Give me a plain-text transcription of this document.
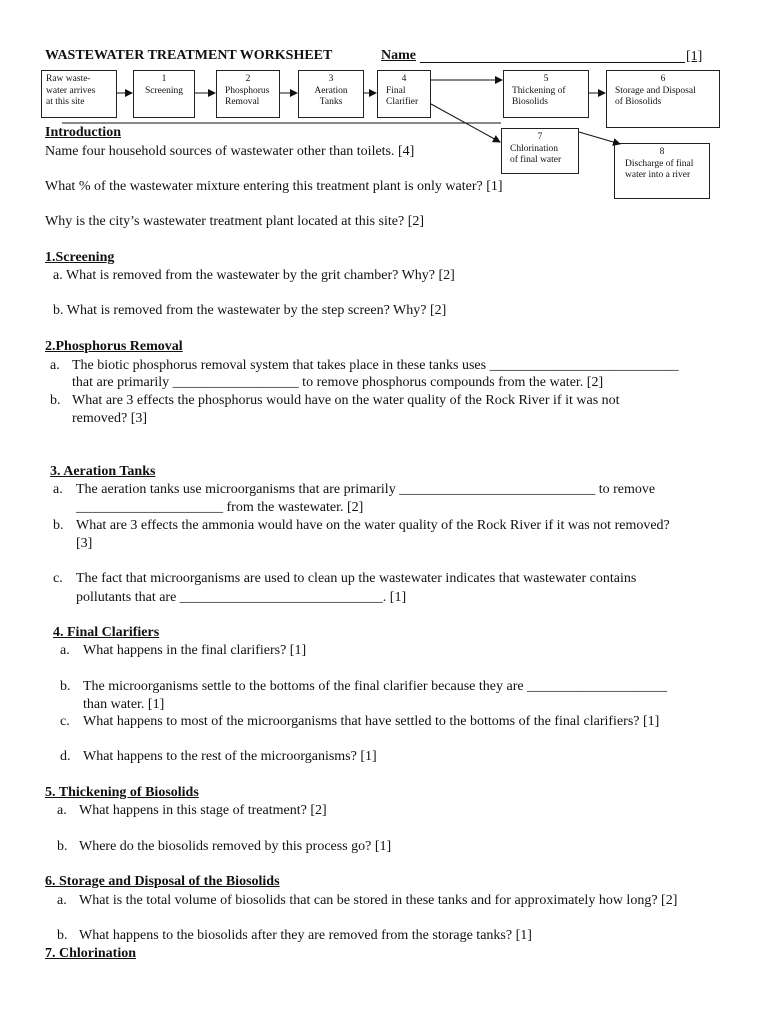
WASTEWATER TREATMENT WORKSHEET	Name	[1]
Raw waste-
water arrives
at this site
1
Screening
2
Phosphorus
Removal
3
Aeration
Tanks
4
Final
Clarifier
5
Thickening of
Biosolids
6
Storage and Disposal
of Biosolids
7
Chlorination
of final water
8
Discharge of final
water into a river
Introduction
Name four household sources of wastewater other than toilets. [4]
What % of the wastewater mixture entering this treatment plant is only water? [1]
Why is the city’s wastewater treatment plant located at this site? [2]
1.Screening
a. What is removed from the wastewater by the grit chamber? Why? [2]
b. What is removed from the wastewater by the step screen? Why? [2]
2.Phosphorus Removal
a. The biotic phosphorus removal system that takes place in these tanks uses ___________________________
that are primarily __________________ to remove phosphorus compounds from the water. [2]
b. What are 3 effects the phosphorus would have on the water quality of the Rock River if it was not
removed? [3]
3. Aeration Tanks
a. The aeration tanks use microorganisms that are primarily ____________________________ to remove
_____________________ from the wastewater. [2]
b. What are 3 effects the ammonia would have on the water quality of the Rock River if it was not removed?
[3]
c. The fact that microorganisms are used to clean up the wastewater indicates that wastewater contains
pollutants that are _____________________________. [1]
4. Final Clarifiers
a. What happens in the final clarifiers? [1]
b. The microorganisms settle to the bottoms of the final clarifier because they are ____________________
than water. [1]
c. What happens to most of the microorganisms that have settled to the bottoms of the final clarifiers? [1]
d. What happens to the rest of the microorganisms? [1]
5. Thickening of Biosolids
a. What happens in this stage of treatment? [2]
b. Where do the biosolids removed by this process go? [1]
6. Storage and Disposal of the Biosolids
a. What is the total volume of biosolids that can be stored in these tanks and for approximately how long? [2]
b. What happens to the biosolids after they are removed from the storage tanks? [1]
7. Chlorination
